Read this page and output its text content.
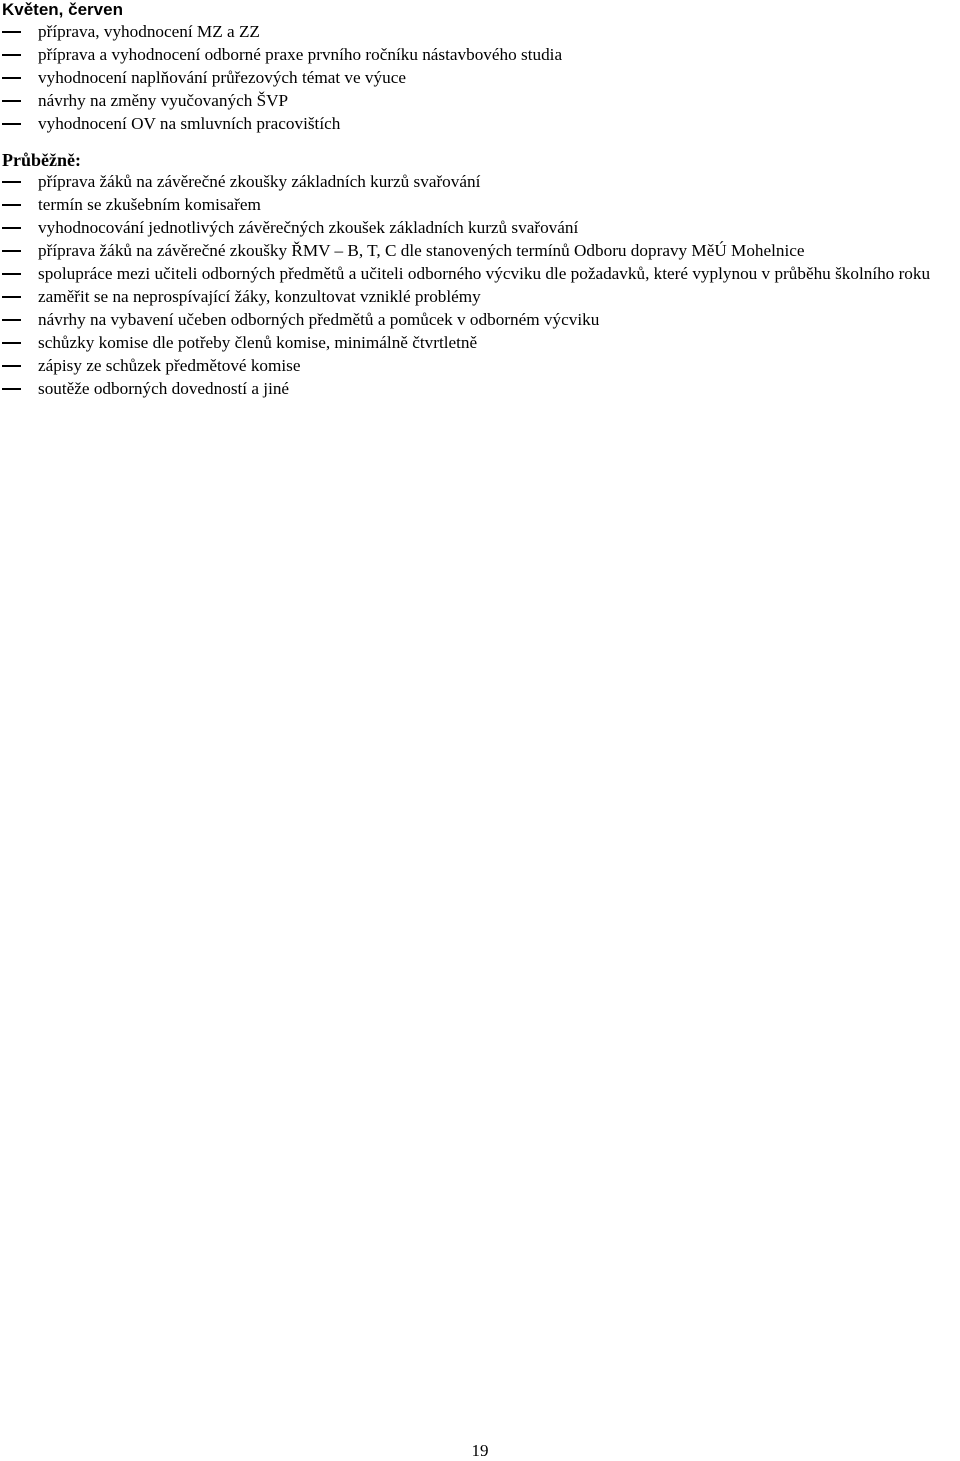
Květen, červen
příprava, vyhodnocení MZ a ZZ
příprava a vyhodnocení odborné praxe prvního ročníku nástavbového studia
vyhodnocení naplňování průřezových témat ve výuce
návrhy na změny vyučovaných ŠVP
vyhodnocení OV na smluvních pracovištích
Průběžně:
příprava žáků na závěrečné zkoušky základních kurzů svařování
termín se zkušebním komisařem
vyhodnocování jednotlivých závěrečných zkoušek základních kurzů svařování
příprava žáků na závěrečné zkoušky ŘMV – B, T, C dle stanovených termínů Odboru dopravy MěÚ Mohelnice
spolupráce mezi učiteli odborných předmětů a učiteli odborného výcviku dle požadavků, které vyplynou v průběhu školního roku
zaměřit se na neprospívající žáky, konzultovat vzniklé problémy
návrhy na vybavení učeben odborných předmětů a pomůcek v odborném výcviku
schůzky komise dle potřeby členů komise, minimálně čtvrtletně
zápisy ze schůzek předmětové komise
soutěže odborných dovedností a jiné
19
